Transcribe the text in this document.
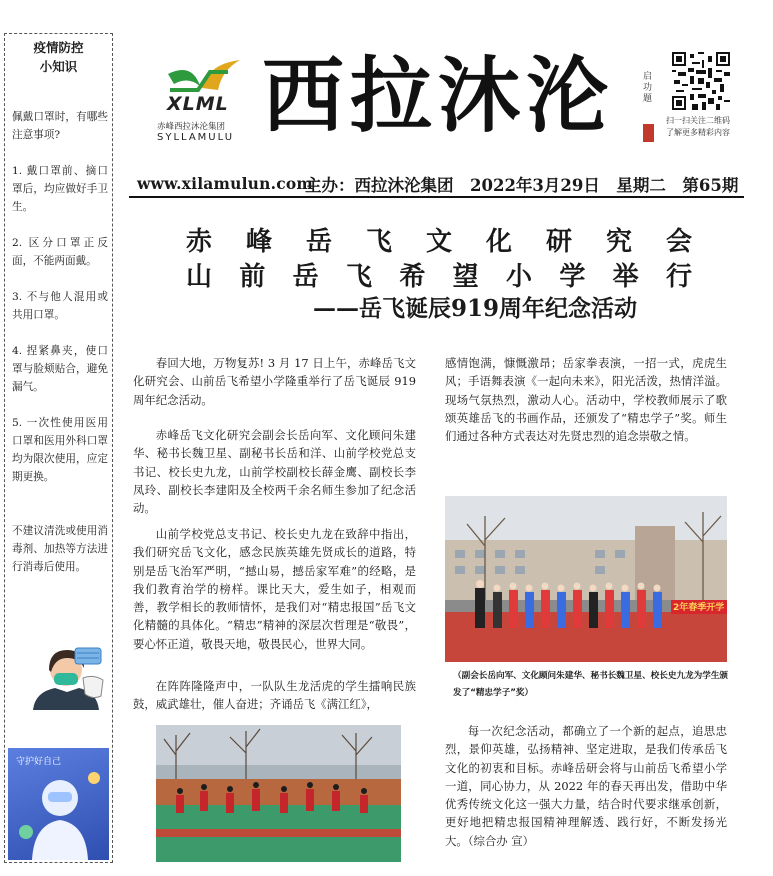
疫情防控
小知识
佩戴口罩时，有哪些注意事项?
1. 戴口罩前、摘口罩后，均应做好手卫生。
2. 区分口罩正反面，不能两面戴。
3. 不与他人混用或共用口罩。
4. 捏紧鼻夹，使口罩与脸颊贴合，避免漏气。
5. 一次性使用医用口罩和医用外科口罩均为限次使用，应定期更换。
不建议清洗或使用消毒剂、加热等方法进行消毒后使用。
守护好自己
XLML
赤峰西拉沐沦集团
SYLLAMULU 西拉沐沦	启
功
題
扫一扫关注二维码
了解更多精彩内容
www.xilamulun.com
主办：西拉沐沦集团　2022年3月29日　星期二　第65期
赤峰岳飞文化研究会
山前岳飞希望小学举行
——岳飞诞辰919周年纪念活动
春回大地，万物复苏! 3 月 17 日上午，赤峰岳飞文化研究会、山前岳飞希望小学隆重举行了岳飞诞辰 919 周年纪念活动。
赤峰岳飞文化研究会副会长岳向军、文化顾问朱建华、秘书长魏卫星、副秘书长岳和洋、山前学校党总支书记、校长史九龙，山前学校副校长薛金鹰、副校长李凤玲、副校长李建阳及全校两千余名师生参加了纪念活动。
山前学校党总支书记、校长史九龙在致辞中指出，我们研究岳飞文化，感念民族英雄先贤成长的道路，特别是岳飞治军严明，“撼山易，撼岳家军难”的经略，是我们教育治学的榜样。课比天大，爱生如子，相观而善，教学相长的教师情怀，是我们对“精忠报国”岳飞文化精髓的具体化。“精忠”精神的深层次哲理是“敬畏”，要心怀正道，敬畏天地，敬畏民心，世界大同。
在阵阵隆隆声中，一队队生龙活虎的学生擂响民族鼓，威武雄壮，催人奋进；齐诵岳飞《满江红》，
感情饱满，慷慨激昂；岳家拳表演，一招一式，虎虎生风；手语舞表演《一起向未来》，阳光活泼，热情洋溢。现场气氛热烈，激动人心。活动中，学校教师展示了歌颂英雄岳飞的书画作品，还颁发了“精忠学子”奖。师生们通过各种方式表达对先贤忠烈的追念崇敬之情。
2年春季开学
（副会长岳向军、文化顾问朱建华、秘书长魏卫星、校长史九龙为学生颁发了“精忠学子”奖）
每一次纪念活动，都确立了一个新的起点，追思忠烈，景仰英雄，弘扬精神、坚定进取，是我们传承岳飞文化的初衷和目标。赤峰岳研会将与山前岳飞希望小学一道，同心协力，从 2022 年的春天再出发，借助中华优秀传统文化这一强大力量，结合时代要求继承创新，更好地把精忠报国精神理解透、践行好，不断发扬光大。（综合办 宣）
